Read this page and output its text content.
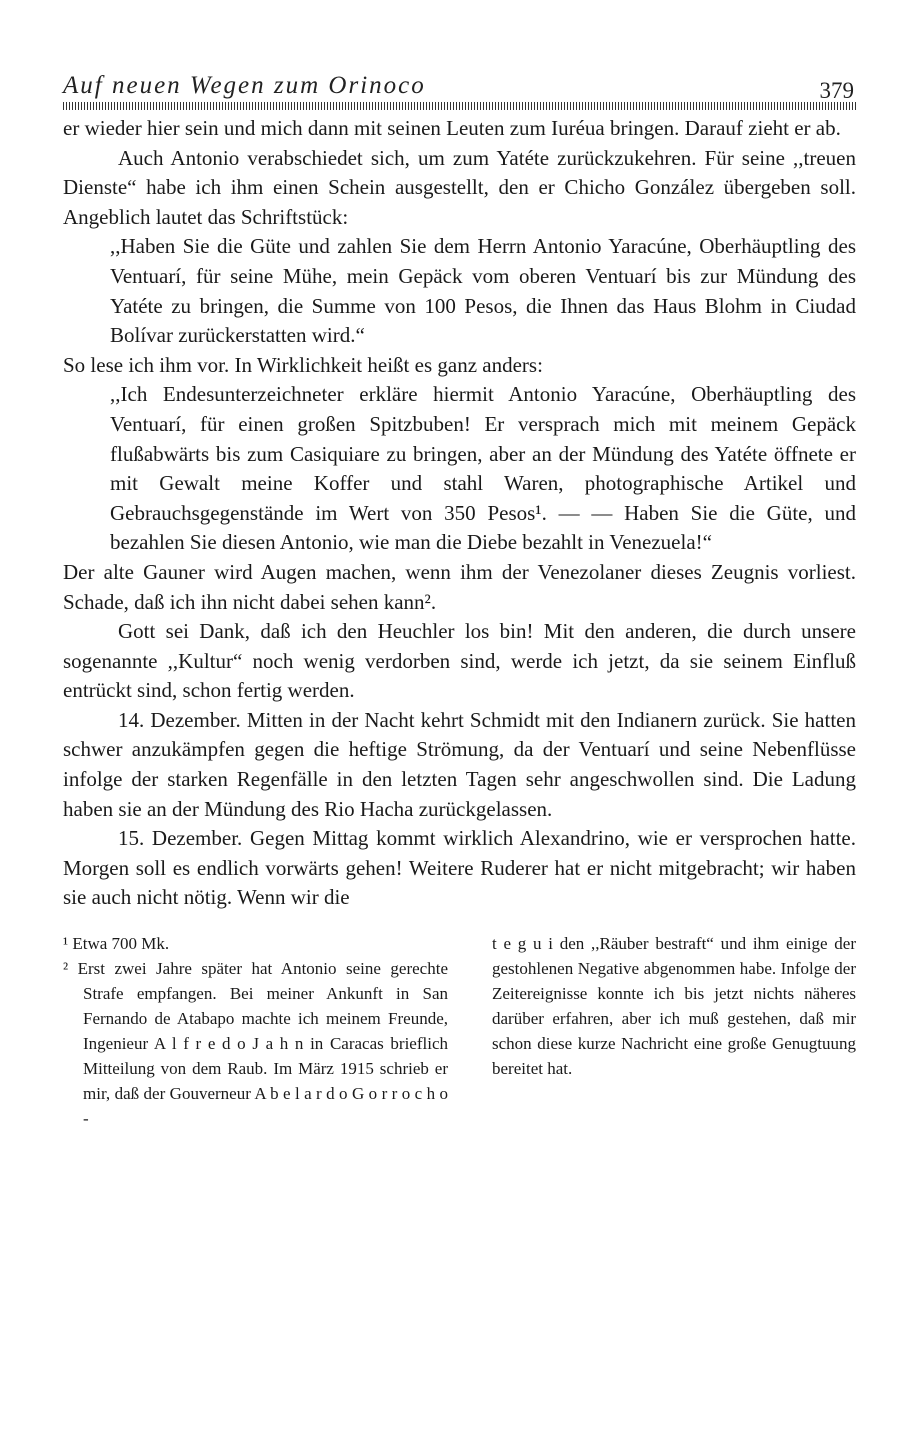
Auf neuen Wegen zum Orinoco	379

er wieder hier sein und mich dann mit seinen Leuten zum Iuréua bringen. Darauf zieht er ab.

Auch Antonio verabschiedet sich, um zum Yatéte zurückzukehren. Für seine ,,treuen Dienste“ habe ich ihm einen Schein ausgestellt, den er Chicho González übergeben soll. Angeblich lautet das Schriftstück:

,,Haben Sie die Güte und zahlen Sie dem Herrn Antonio Yaracúne, Oberhäuptling des Ventuarí, für seine Mühe, mein Gepäck vom oberen Ventuarí bis zur Mündung des Yatéte zu bringen, die Summe von 100 Pesos, die Ihnen das Haus Blohm in Ciudad Bolívar zurückerstatten wird.“

So lese ich ihm vor. In Wirklichkeit heißt es ganz anders:

,,Ich Endesunterzeichneter erkläre hiermit Antonio Yaracúne, Oberhäuptling des Ventuarí, für einen großen Spitzbuben! Er versprach mich mit meinem Gepäck flußabwärts bis zum Casiquiare zu bringen, aber an der Mündung des Yatéte öffnete er mit Gewalt meine Koffer und stahl Waren, photographische Artikel und Gebrauchsgegenstände im Wert von 350 Pesos¹. — — Haben Sie die Güte, und bezahlen Sie diesen Antonio, wie man die Diebe bezahlt in Venezuela!“

Der alte Gauner wird Augen machen, wenn ihm der Venezolaner dieses Zeugnis vorliest. Schade, daß ich ihn nicht dabei sehen kann².

Gott sei Dank, daß ich den Heuchler los bin! Mit den anderen, die durch unsere sogenannte ,,Kultur“ noch wenig verdorben sind, werde ich jetzt, da sie seinem Einfluß entrückt sind, schon fertig werden.

14. Dezember. Mitten in der Nacht kehrt Schmidt mit den Indianern zurück. Sie hatten schwer anzukämpfen gegen die heftige Strömung, da der Ventuarí und seine Nebenflüsse infolge der starken Regenfälle in den letzten Tagen sehr angeschwollen sind. Die Ladung haben sie an der Mündung des Rio Hacha zurückgelassen.

15. Dezember. Gegen Mittag kommt wirklich Alexandrino, wie er versprochen hatte. Morgen soll es endlich vorwärts gehen! Weitere Ruderer hat er nicht mitgebracht; wir haben sie auch nicht nötig. Wenn wir die

¹ Etwa 700 Mk.

² Erst zwei Jahre später hat Antonio seine gerechte Strafe empfangen. Bei meiner Ankunft in San Fernando de Atabapo machte ich meinem Freunde, Ingenieur A l f r e d o J a h n in Caracas brieflich Mitteilung von dem Raub. Im März 1915 schrieb er mir, daß der Gouverneur A b e l a r d o G o r r o c h o -

t e g u i den ,,Räuber bestraft“ und ihm einige der gestohlenen Negative abgenommen habe. Infolge der Zeitereignisse konnte ich bis jetzt nichts näheres darüber erfahren, aber ich muß gestehen, daß mir schon diese kurze Nachricht eine große Genugtuung bereitet hat.
